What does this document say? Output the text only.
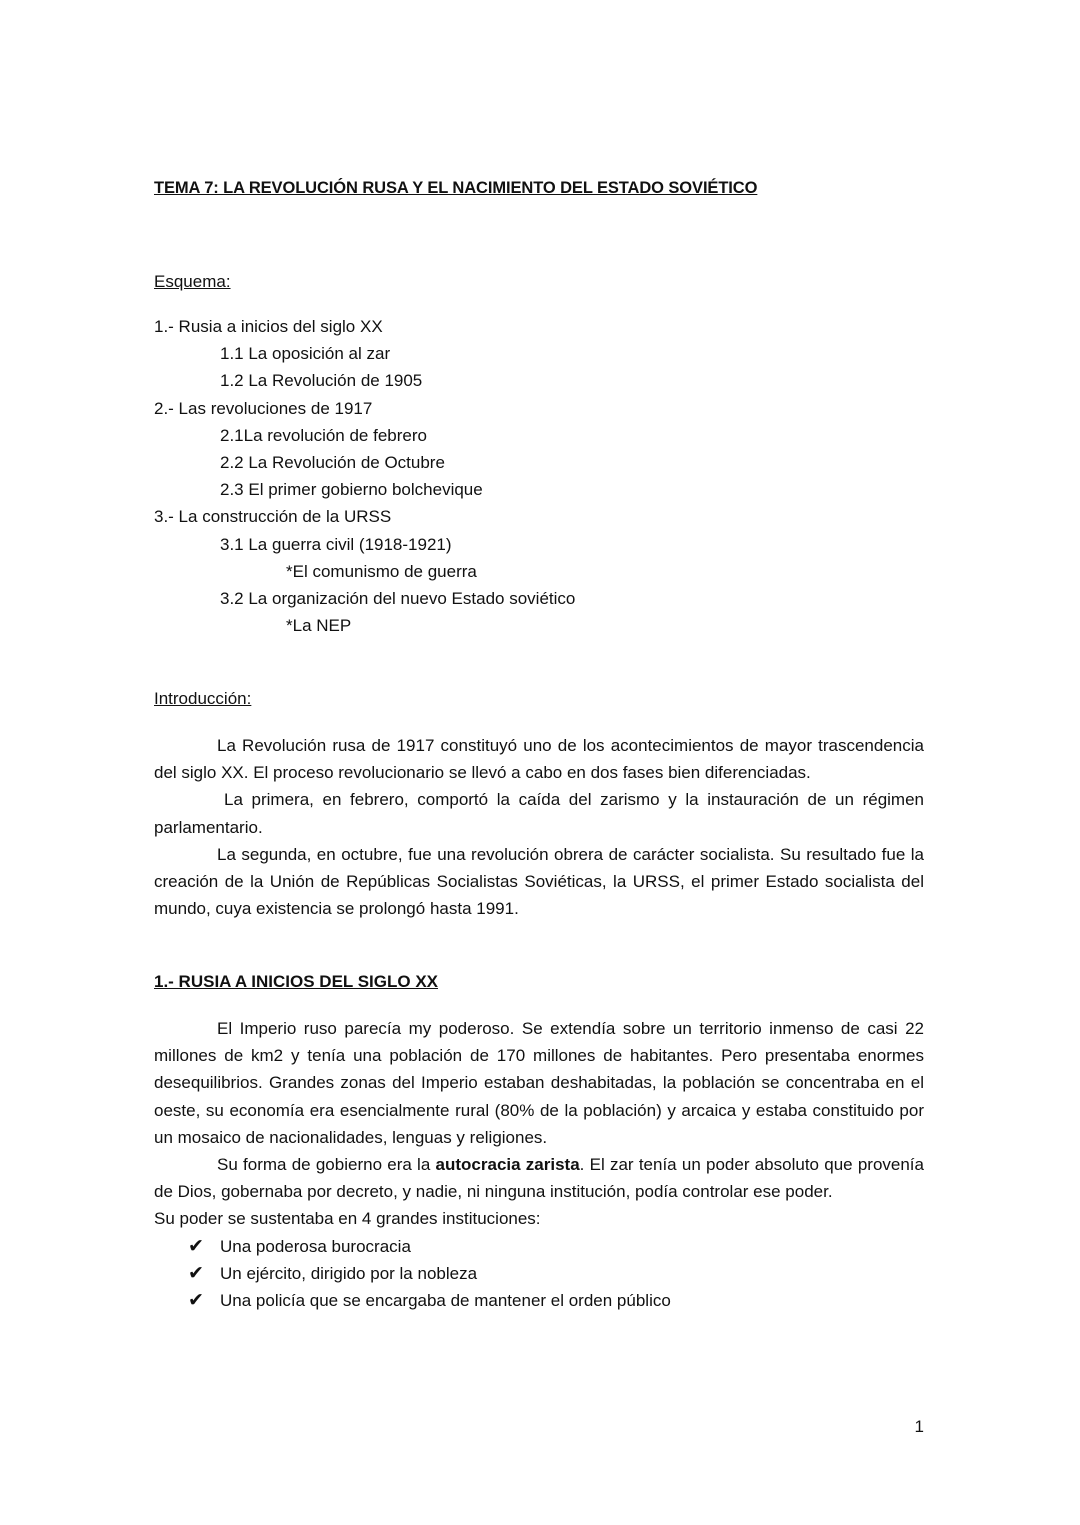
TEMA 7: LA REVOLUCIÓN RUSA Y EL NACIMIENTO DEL ESTADO SOVIÉTICO
Esquema:
1.- Rusia a inicios del siglo XX
1.1 La oposición al zar
1.2 La Revolución de 1905
2.- Las revoluciones de 1917
2.1La revolución de febrero
2.2 La Revolución de Octubre
2.3 El primer gobierno bolchevique
3.- La construcción de la URSS
3.1 La guerra civil (1918-1921)
*El comunismo de guerra
3.2 La organización del nuevo Estado soviético
*La NEP
Introducción:

La Revolución rusa de 1917 constituyó uno de los acontecimientos de mayor trascendencia del siglo XX. El proceso revolucionario se llevó a cabo en dos fases bien diferenciadas.

La primera, en febrero, comportó la caída del zarismo y la instauración de un régimen parlamentario.

La segunda, en octubre, fue una revolución obrera de carácter socialista. Su resultado fue la creación de la Unión de Repúblicas Socialistas Soviéticas, la URSS, el primer Estado socialista del mundo, cuya existencia se prolongó hasta 1991.

1.- RUSIA A INICIOS DEL SIGLO XX

El Imperio ruso parecía my poderoso. Se extendía sobre un territorio inmenso de casi 22 millones de km2 y tenía una población de 170 millones de habitantes. Pero presentaba enormes desequilibrios. Grandes zonas del Imperio estaban deshabitadas, la población se concentraba en el oeste, su economía era esencialmente rural (80% de la población) y arcaica y estaba constituido por un mosaico de nacionalidades, lenguas y religiones.

Su forma de gobierno era la autocracia zarista. El zar tenía un poder absoluto que provenía de Dios, gobernaba por decreto, y nadie, ni ninguna institución, podía controlar ese poder.

Su poder se sustentaba en 4 grandes instituciones:

✔ Una poderosa burocracia
✔ Un ejército, dirigido por la nobleza
✔ Una policía que se encargaba de mantener el orden público
1
